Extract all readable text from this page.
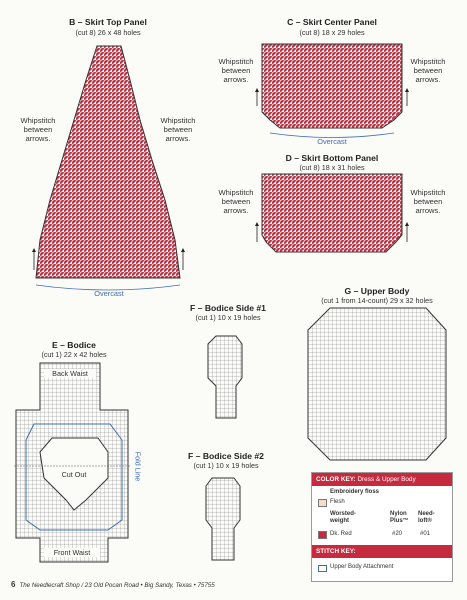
B – Skirt Top Panel
(cut 8) 26 x 48 holes
Whipstitch
between
arrows.
Whipstitch
between
arrows.
Overcast
C – Skirt Center Panel
(cut 8) 18 x 29 holes
Whipstitch
between
arrows.
Whipstitch
between
arrows.
Overcast
D – Skirt Bottom Panel
(cut 8) 18 x 31 holes
Whipstitch
between
arrows.
Whipstitch
between
arrows.
E – Bodice
(cut 1) 22 x 42 holes
Back Waist
Cut Out
Front Waist
Fold Line
F – Bodice Side #1
(cut 1) 10 x 19 holes
F – Bodice Side #2
(cut 1) 10 x 19 holes
G – Upper Body
(cut 1 from 14-count) 29 x 32 holes
COLOR KEY: Dress & Upper Body
Embroidery floss
Flesh
Worsted-
weight
Nylon
Plus™
Need-
loft®
Dk. Red	#20	#01
STITCH KEY:
Upper Body Attachment
6 The Needlecraft Shop / 23 Old Pocan Road • Big Sandy, Texas • 75755
